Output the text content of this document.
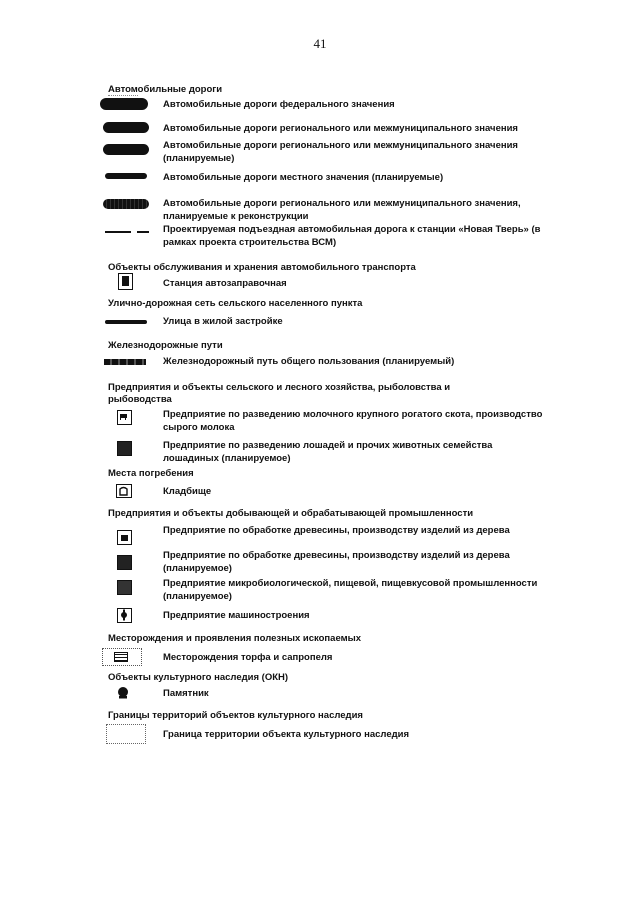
41
Автомобильные дороги
Автомобильные дороги федерального значения
Автомобильные дороги регионального или межмуниципального значения
Автомобильные дороги регионального или межмуниципального значения (планируемые)
Автомобильные дороги местного значения (планируемые)
Автомобильные дороги регионального или межмуниципального значения, планируемые к реконструкции
Проектируемая подъездная автомобильная дорога к станции «Новая Тверь» (в рамках проекта строительства ВСМ)
Объекты обслуживания и хранения автомобильного транспорта
Станция автозаправочная
Улично-дорожная сеть сельского населенного пункта
Улица в жилой застройке
Железнодорожные пути
Железнодорожный путь общего пользования (планируемый)
Предприятия и объекты сельского и лесного хозяйства, рыболовства и рыбоводства
Предприятие по разведению молочного крупного рогатого скота, производство сырого молока
Предприятие по разведению лошадей и прочих животных семейства лошадиных (планируемое)
Места погребения
Кладбище
Предприятия и объекты добывающей и обрабатывающей промышленности
Предприятие по обработке древесины, производству изделий из дерева
Предприятие по обработке древесины, производству изделий из дерева (планируемое)
Предприятие микробиологической, пищевой, пищевкусовой промышленности (планируемое)
Предприятие машиностроения
Месторождения и проявления полезных ископаемых
Месторождения торфа и сапропеля
Объекты культурного наследия (ОКН)
Памятник
Границы территорий объектов культурного наследия
Граница территории объекта культурного наследия
